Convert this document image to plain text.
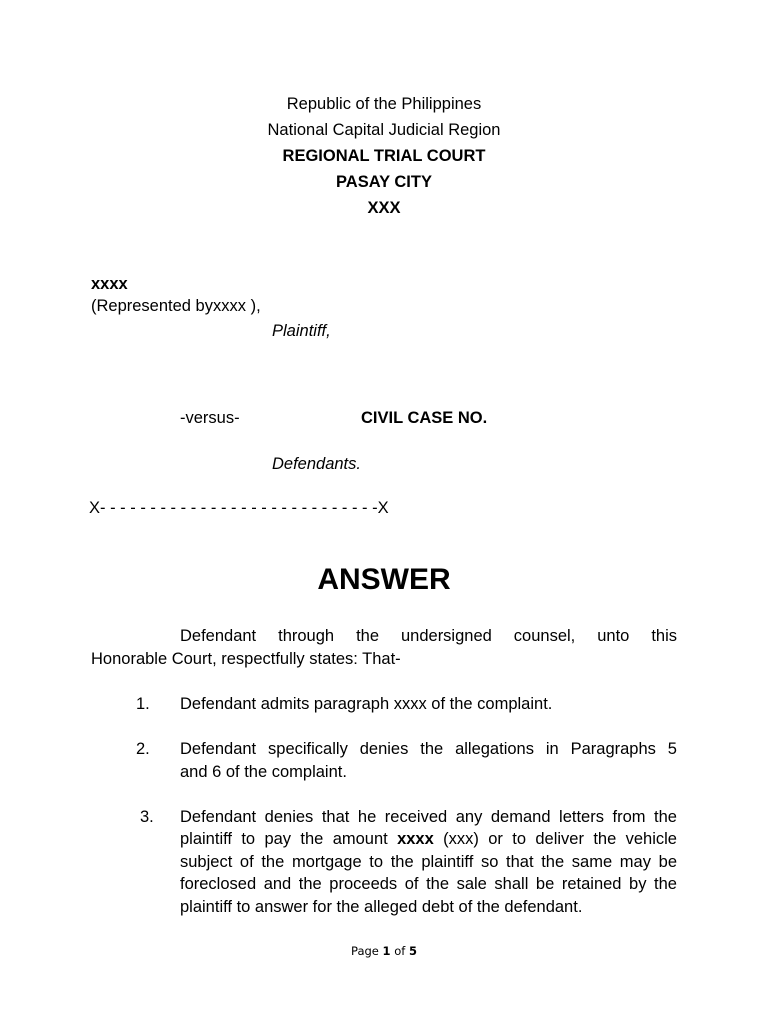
Republic of the Philippines

National Capital Judicial Region

REGIONAL TRIAL COURT

PASAY CITY

XXX

xxxx

(Represented byxxxx ),

Plaintiff,

-versus-	CIVIL CASE NO.

Defendants.

X- - - - - - - - - - - - - - - - - - - - - - - - - - - -X

ANSWER

Defendant through the undersigned counsel, unto this

Honorable Court, respectfully states: That-

1. Defendant admits paragraph xxxx of the complaint.

2. Defendant specifically denies the allegations in Paragraphs 5

and 6 of the complaint.

3. Defendant denies that he received any demand letters from the

plaintiff to pay the amount xxxx (xxx) or to deliver the vehicle

subject of the mortgage to the plaintiff so that the same may be

foreclosed and the proceeds of the sale shall be retained by the

plaintiff to answer for the alleged debt of the defendant.

Page 1 of 5
